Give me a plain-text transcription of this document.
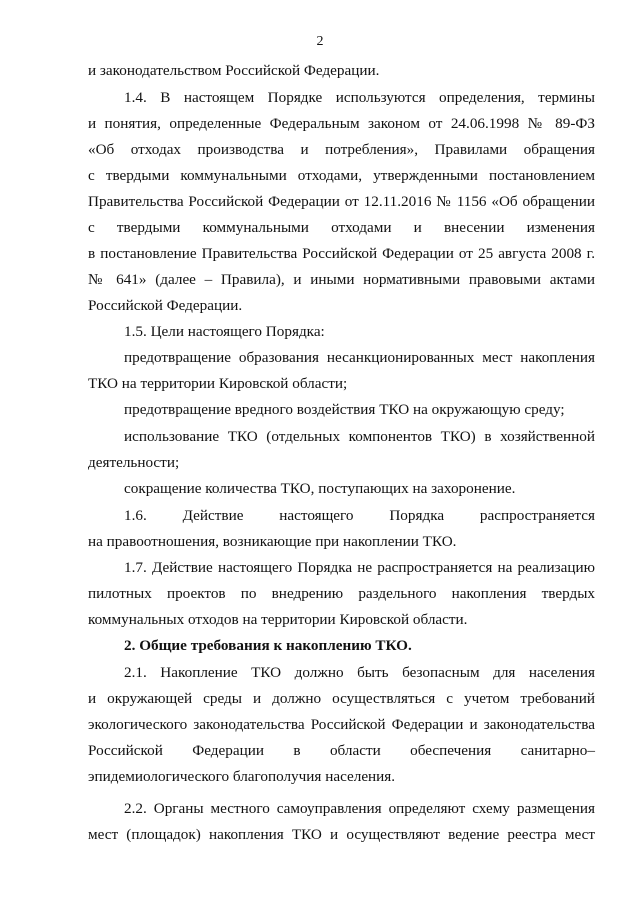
2
и законодательством Российской Федерации.
1.4. В настоящем Порядке используются определения, термины
и понятия, определенные Федеральным законом от 24.06.1998 № 89-ФЗ
«Об отходах производства и потребления», Правилами обращения
с твердыми коммунальными отходами, утвержденными постановлением
Правительства Российской Федерации от 12.11.2016 № 1156 «Об обращении
с твердыми коммунальными отходами и внесении изменения
в постановление Правительства Российской Федерации от 25 августа 2008 г.
№ 641» (далее – Правила), и иными нормативными правовыми актами
Российской Федерации.
1.5. Цели настоящего Порядка:
предотвращение образования несанкционированных мест накопления
ТКО на территории Кировской области;
предотвращение вредного воздействия ТКО на окружающую среду;
использование ТКО (отдельных компонентов ТКО) в хозяйственной
деятельности;
сокращение количества ТКО, поступающих на захоронение.
1.6. Действие настоящего Порядка распространяется
на правоотношения, возникающие при накоплении ТКО.
1.7. Действие настоящего Порядка не распространяется на реализацию
пилотных проектов по внедрению раздельного накопления твердых
коммунальных отходов на территории Кировской области.
2. Общие требования к накоплению ТКО.
2.1. Накопление ТКО должно быть безопасным для населения
и окружающей среды и должно осуществляться с учетом требований
экологического законодательства Российской Федерации и законодательства
Российской Федерации в области обеспечения санитарно–
эпидемиологического благополучия населения.
2.2. Органы местного самоуправления определяют схему размещения
мест (площадок) накопления ТКО и осуществляют ведение реестра мест
